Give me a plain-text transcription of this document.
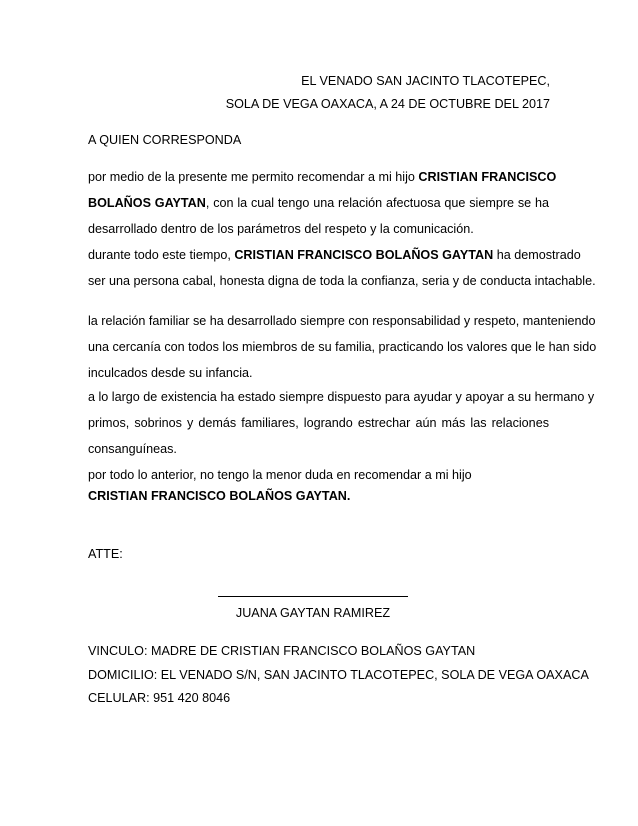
EL VENADO SAN JACINTO TLACOTEPEC,
SOLA DE VEGA OAXACA, A 24 DE OCTUBRE DEL 2017
A QUIEN CORRESPONDA
por medio de la presente me permito recomendar a mi hijo CRISTIAN FRANCISCO
BOLAÑOS GAYTAN, con la cual tengo una relación afectuosa que siempre se ha
desarrollado dentro de los parámetros del respeto y la comunicación.
durante todo este tiempo, CRISTIAN FRANCISCO BOLAÑOS GAYTAN ha demostrado
ser una persona cabal, honesta digna de toda la confianza, seria y de conducta intachable.
la relación familiar se ha desarrollado siempre con responsabilidad y respeto, manteniendo
una cercanía con todos los miembros de su familia, practicando los valores que le han sido
inculcados desde su infancia.
a lo largo de existencia ha estado siempre dispuesto para ayudar y apoyar a su hermano y
primos, sobrinos y demás familiares, logrando estrechar aún más las relaciones
consanguíneas.
por todo lo anterior, no tengo la menor duda en recomendar a mi hijo
CRISTIAN FRANCISCO BOLAÑOS GAYTAN.
ATTE:
JUANA GAYTAN RAMIREZ
VINCULO: MADRE DE CRISTIAN FRANCISCO BOLAÑOS GAYTAN
DOMICILIO: EL VENADO S/N, SAN JACINTO TLACOTEPEC, SOLA DE VEGA OAXACA
CELULAR: 951 420 8046
